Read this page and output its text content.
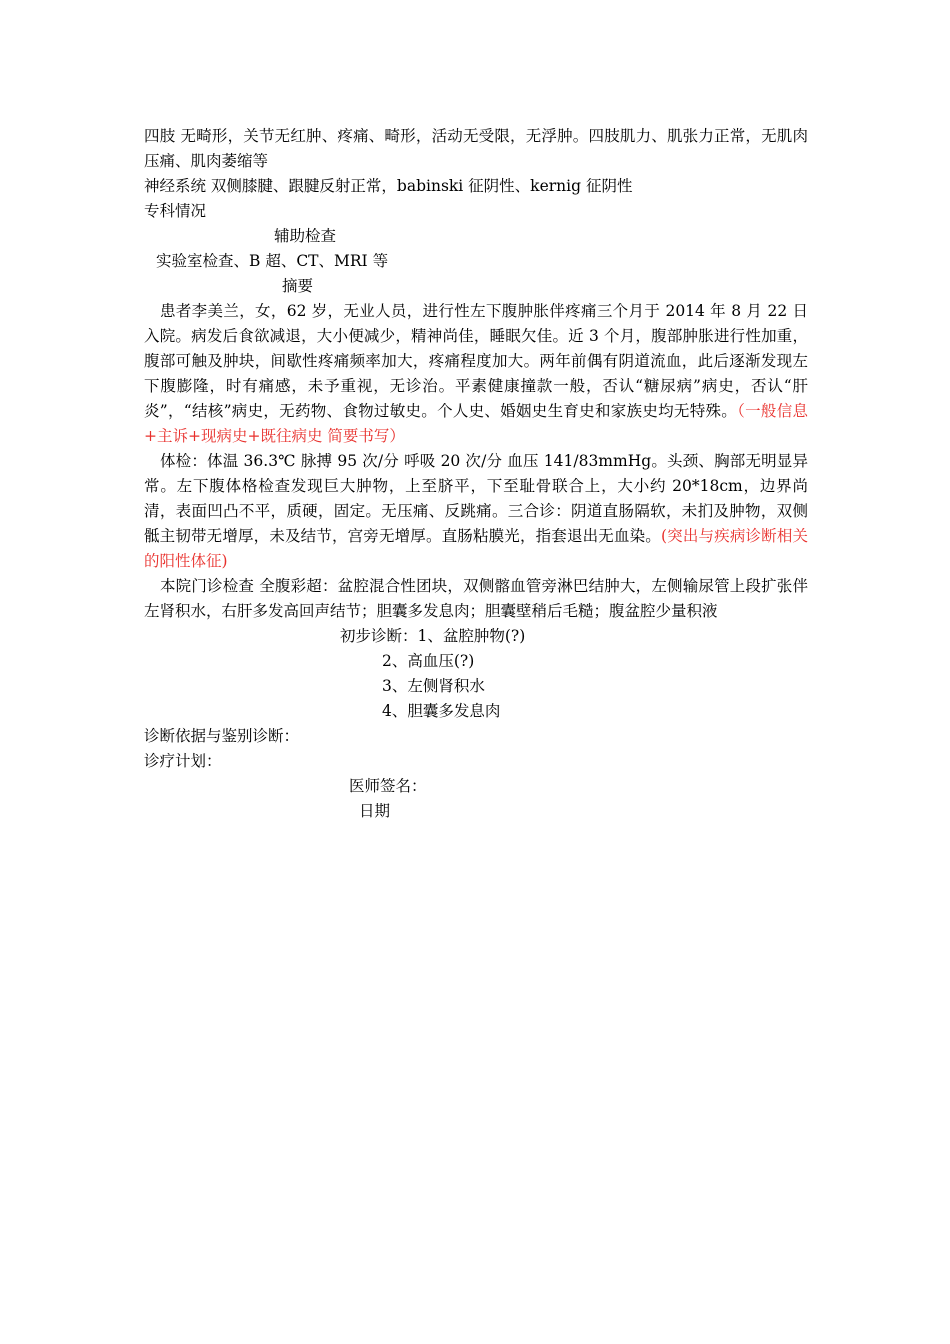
四肢 无畸形，关节无红肿、疼痛、畸形，活动无受限，无浮肿。四肢肌力、肌张力正常，无肌肉压痛、肌肉萎缩等

神经系统 双侧膝腱、跟腱反射正常，babinski 征阴性、kernig 征阴性

专科情况

辅助检查

实验室检查、B 超、CT、MRI 等

摘要

患者李美兰，女，62 岁，无业人员，进行性左下腹肿胀伴疼痛三个月于 2014 年 8 月 22 日入院。病发后食欲减退，大小便减少，精神尚佳，睡眠欠佳。近 3 个月，腹部肿胀进行性加重，腹部可触及肿块，间歇性疼痛频率加大，疼痛程度加大。两年前偶有阴道流血，此后逐渐发现左下腹膨隆，时有痛感，未予重视，无诊治。平素健康撞款一般，否认“糖尿病”病史，否认“肝炎”，“结核”病史，无药物、食物过敏史。个人史、婚姻史生育史和家族史均无特殊。（一般信息+主诉+现病史+既往病史 简要书写）

体检：体温 36.3℃ 脉搏 95 次/分 呼吸 20 次/分 血压 141/83mmHg。头颈、胸部无明显异常。左下腹体格检查发现巨大肿物，上至脐平，下至耻骨联合上，大小约 20*18cm，边界尚清，表面凹凸不平，质硬，固定。无压痛、反跳痛。三合诊：阴道直肠隔软，未扪及肿物，双侧骶主韧带无增厚，未及结节，宫旁无增厚。直肠粘膜光，指套退出无血染。(突出与疾病诊断相关的阳性体征)

本院门诊检查 全腹彩超：盆腔混合性团块，双侧髂血管旁淋巴结肿大，左侧输尿管上段扩张伴左肾积水，右肝多发高回声结节；胆囊多发息肉；胆囊壁稍后毛糙；腹盆腔少量积液

初步诊断：1、盆腔肿物(?)

2、高血压(?)

3、左侧肾积水

4、胆囊多发息肉

诊断依据与鉴别诊断：

诊疗计划：

医师签名：

日期
